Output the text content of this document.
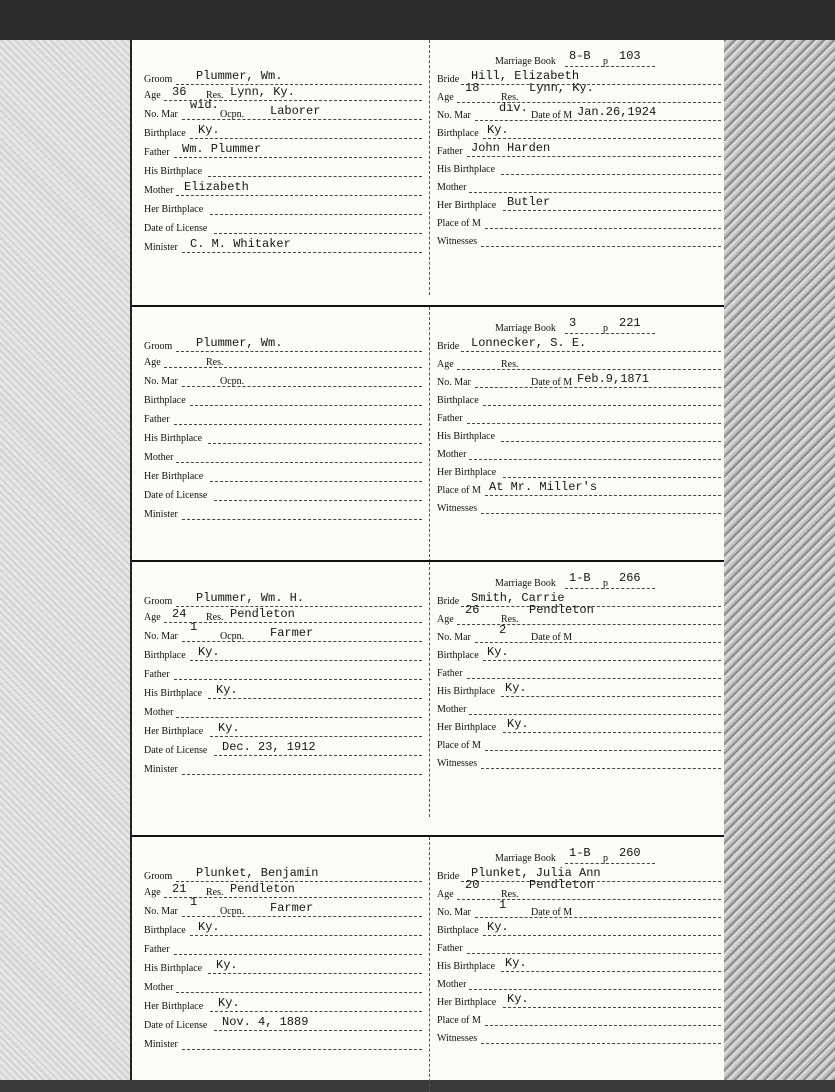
Groom Plummer, Wm.
Age	Res.
36	Lynn, Ky.
No. Mar	Ocpn.
wid.	Laborer
Birthplace Ky.
Father Wm. Plummer
His Birthplace
Mother Elizabeth
Her Birthplace
Date of License
Minister C. M. Whitaker
Marriage Book	p
8-B 103
Bride Hill, Elizabeth
Age	Res.
18	Lynn, Ky.
No. Mar	Date of M
div.	Jan.26,1924
Birthplace Ky.
Father John Harden
His Birthplace
Mother
Her Birthplace Butler
Place of M
Witnesses
Groom Plummer, Wm.
Age	Res.
No. Mar	Ocpn.
Birthplace
Father
His Birthplace
Mother
Her Birthplace
Date of License
Minister
Marriage Book	p
3	221
Bride Lonnecker, S. E.
Age	Res.
No. Mar	Date of M Feb.9,1871
Birthplace
Father
His Birthplace
Mother
Her Birthplace
Place of M At Mr. Miller's
Witnesses
Groom Plummer, Wm. H.
Age	Res.
24	Pendleton
No. Mar	Ocpn.
1	Farmer
Birthplace Ky.
Father
His Birthplace Ky.
Mother
Her Birthplace Ky.
Date of License Dec. 23, 1912
Minister
Marriage Book	p
1-B 266
Bride Smith, Carrie
Age	Res.
26	Pendleton
No. Mar	Date of M
2
Birthplace Ky.
Father
His Birthplace Ky.
Mother
Her Birthplace Ky.
Place of M
Witnesses
Groom Plunket, Benjamin
Age	Res.
21	Pendleton
No. Mar	Ocpn.
1	Farmer
Birthplace Ky.
Father
His Birthplace Ky.
Mother
Her Birthplace Ky.
Date of License Nov. 4, 1889
Minister
Marriage Book	p
1-B 260
Bride Plunket, Julia Ann
Age	Res.
20	Pendleton
No. Mar	Date of M
1
Birthplace Ky.
Father
His Birthplace Ky.
Mother
Her Birthplace Ky.
Place of M
Witnesses
